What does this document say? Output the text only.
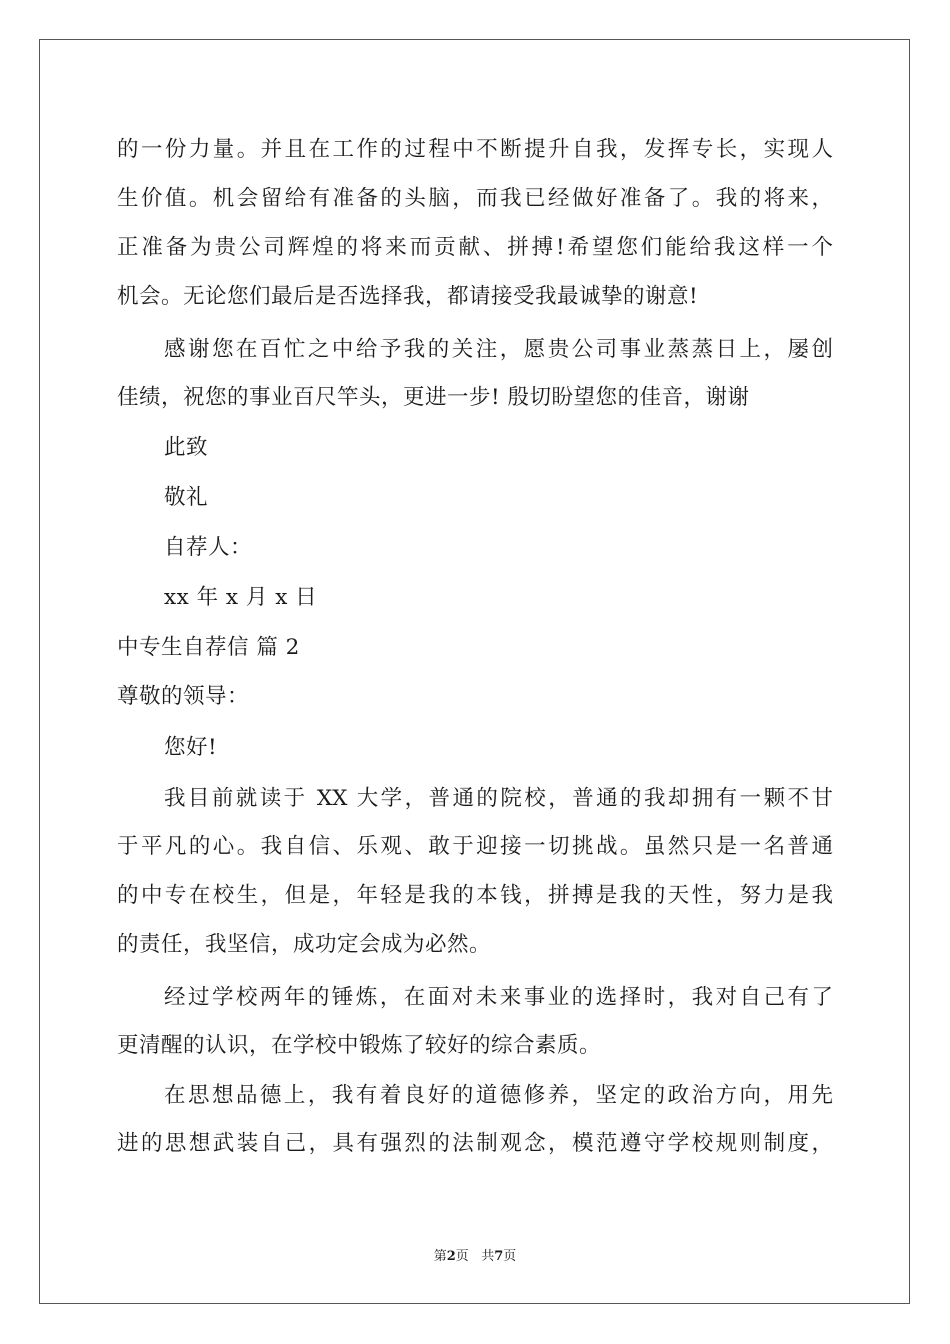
的一份力量。并且在工作的过程中不断提升自我，发挥专长，实现人
生价值。机会留给有准备的头脑，而我已经做好准备了。我的将来，
正准备为贵公司辉煌的将来而贡献、拼搏!希望您们能给我这样一个
机会。无论您们最后是否选择我，都请接受我最诚挚的谢意!
感谢您在百忙之中给予我的关注，愿贵公司事业蒸蒸日上，屡创
佳绩，祝您的事业百尺竿头，更进一步! 殷切盼望您的佳音，谢谢
此致
敬礼
自荐人：
xx 年 x 月 x 日
中专生自荐信 篇 2
尊敬的领导：
您好!
我目前就读于 XX 大学，普通的院校，普通的我却拥有一颗不甘
于平凡的心。我自信、乐观、敢于迎接一切挑战。虽然只是一名普通
的中专在校生，但是，年轻是我的本钱，拼搏是我的天性，努力是我
的责任，我坚信，成功定会成为必然。
经过学校两年的锤炼，在面对未来事业的选择时，我对自己有了
更清醒的认识，在学校中锻炼了较好的综合素质。
在思想品德上，我有着良好的道德修养，坚定的政治方向，用先
进的思想武装自己，具有强烈的法制观念，模范遵守学校规则制度，
第2页 共7页
